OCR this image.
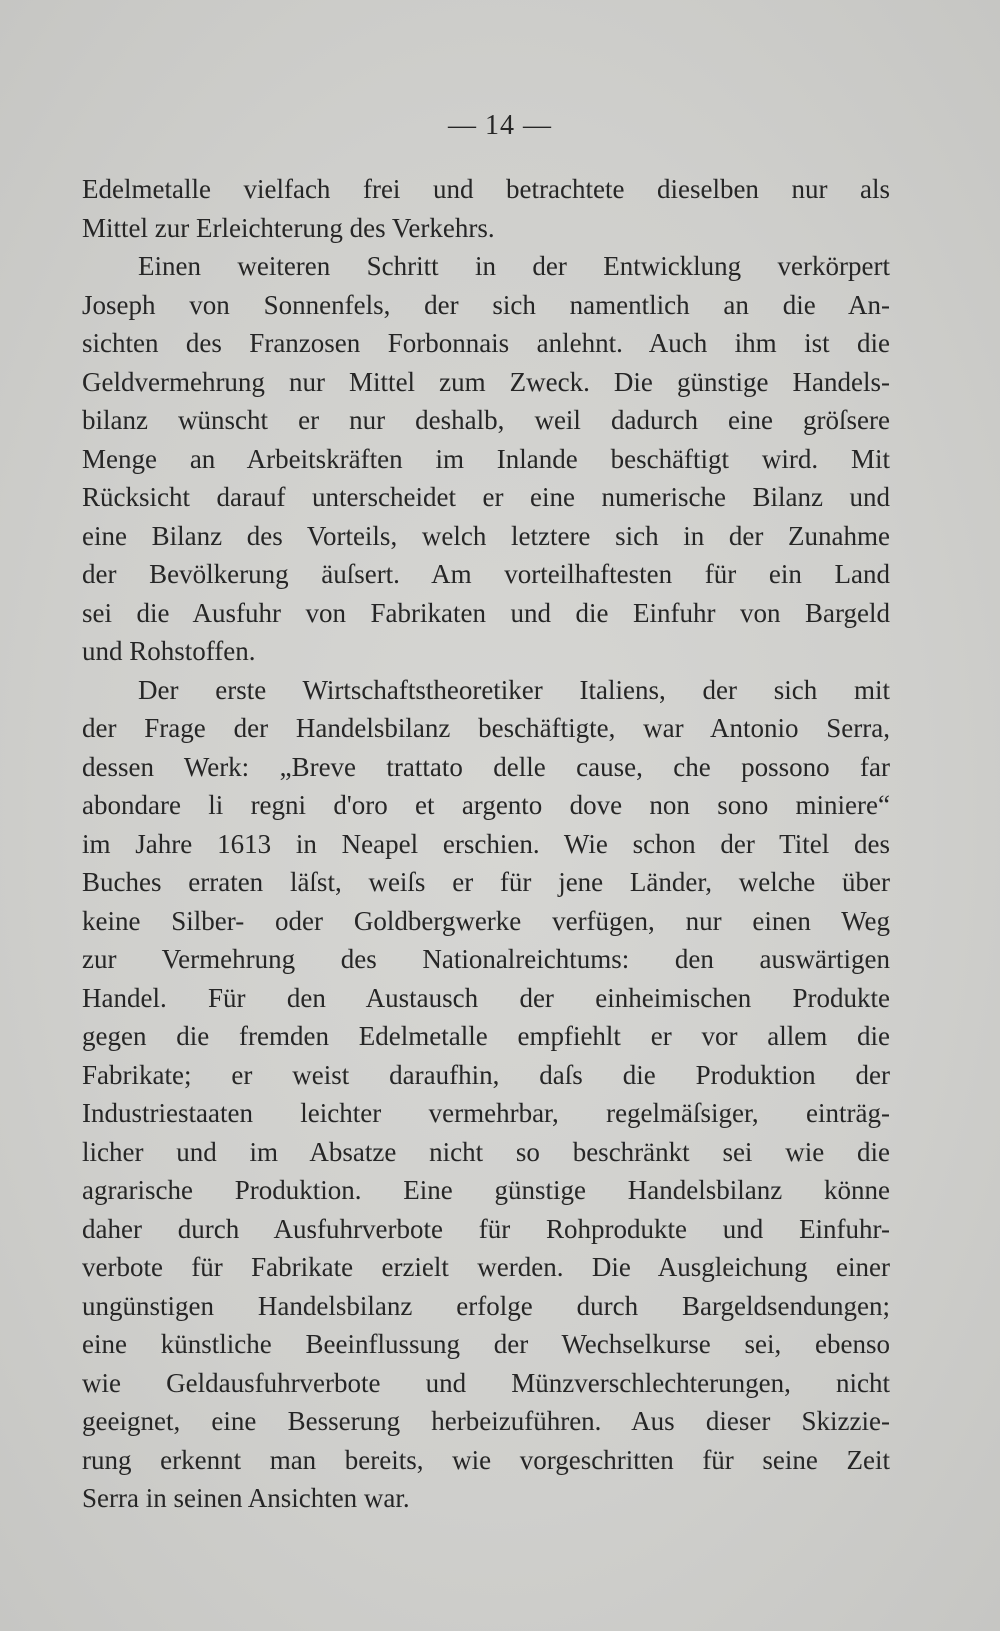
— 14 —
Edelmetalle vielfach frei und betrachtete dieselben nur als
Mittel zur Erleichterung des Verkehrs.
Einen weiteren Schritt in der Entwicklung verkörpert
Joseph von Sonnenfels, der sich namentlich an die An-
sichten des Franzosen Forbonnais anlehnt. Auch ihm ist die
Geldvermehrung nur Mittel zum Zweck. Die günstige Handels-
bilanz wünscht er nur deshalb, weil dadurch eine gröſsere
Menge an Arbeitskräften im Inlande beschäftigt wird. Mit
Rücksicht darauf unterscheidet er eine numerische Bilanz und
eine Bilanz des Vorteils, welch letztere sich in der Zunahme
der Bevölkerung äuſsert. Am vorteilhaftesten für ein Land
sei die Ausfuhr von Fabrikaten und die Einfuhr von Bargeld
und Rohstoffen.
Der erste Wirtschaftstheoretiker Italiens, der sich mit
der Frage der Handelsbilanz beschäftigte, war Antonio Serra,
dessen Werk: „Breve trattato delle cause, che possono far
abondare li regni d'oro et argento dove non sono miniere“
im Jahre 1613 in Neapel erschien. Wie schon der Titel des
Buches erraten läſst, weiſs er für jene Länder, welche über
keine Silber- oder Goldbergwerke verfügen, nur einen Weg
zur Vermehrung des Nationalreichtums: den auswärtigen
Handel. Für den Austausch der einheimischen Produkte
gegen die fremden Edelmetalle empfiehlt er vor allem die
Fabrikate; er weist daraufhin, daſs die Produktion der
Industriestaaten leichter vermehrbar, regelmäſsiger, einträg-
licher und im Absatze nicht so beschränkt sei wie die
agrarische Produktion. Eine günstige Handelsbilanz könne
daher durch Ausfuhrverbote für Rohprodukte und Einfuhr-
verbote für Fabrikate erzielt werden. Die Ausgleichung einer
ungünstigen Handelsbilanz erfolge durch Bargeldsendungen;
eine künstliche Beeinflussung der Wechselkurse sei, ebenso
wie Geldausfuhrverbote und Münzverschlechterungen, nicht
geeignet, eine Besserung herbeizuführen. Aus dieser Skizzie-
rung erkennt man bereits, wie vorgeschritten für seine Zeit
Serra in seinen Ansichten war.
